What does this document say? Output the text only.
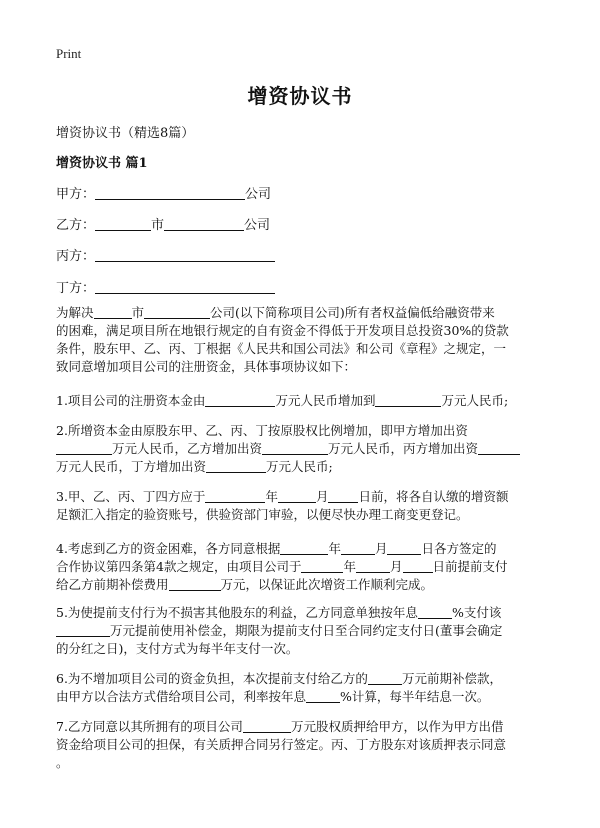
Print
增资协议书
增资协议书（精选8篇）
增资协议书 篇1
甲方：	公司
乙方：	市	公司
丙方：
丁方：
为解决	市	公司(以下简称项目公司)所有者权益偏低给融资带来
的困难，满足项目所在地银行规定的自有资金不得低于开发项目总投资30%的贷款
条件，股东甲、乙、丙、丁根据《人民共和国公司法》和公司《章程》之规定，一
致同意增加项目公司的注册资金，具体事项协议如下：
1.项目公司的注册资本金由	万元人民币增加到	万元人民币;
2.所增资本金由原股东甲、乙、丙、丁按原股权比例增加，即甲方增加出资
万元人民币，乙方增加出资	万元人民币，丙方增加出资
万元人民币，丁方增加出资	万元人民币;
3.甲、乙、丙、丁四方应于	年	月 日前，将各自认缴的增资额
足额汇入指定的验资账号，供验资部门审验，以便尽快办理工商变更登记。
4.考虑到乙方的资金困难，各方同意根据	年	月	日各方签定的
合作协议第四条第4款之规定，由项目公司于	年	月 日前提前支付
给乙方前期补偿费用	万元，以保证此次增资工作顺利完成。
5.为使提前支付行为不损害其他股东的利益，乙方同意单独按年息	%支付该
万元提前使用补偿金，期限为提前支付日至合同约定支付日(董事会确定
的分红之日)，支付方式为每半年支付一次。
6.为不增加项目公司的资金负担，本次提前支付给乙方的	万元前期补偿款，
由甲方以合法方式借给项目公司，利率按年息	%计算，每半年结息一次。
7.乙方同意以其所拥有的项目公司	万元股权质押给甲方，以作为甲方出借
资金给项目公司的担保，有关质押合同另行签定。丙、丁方股东对该质押表示同意
。
